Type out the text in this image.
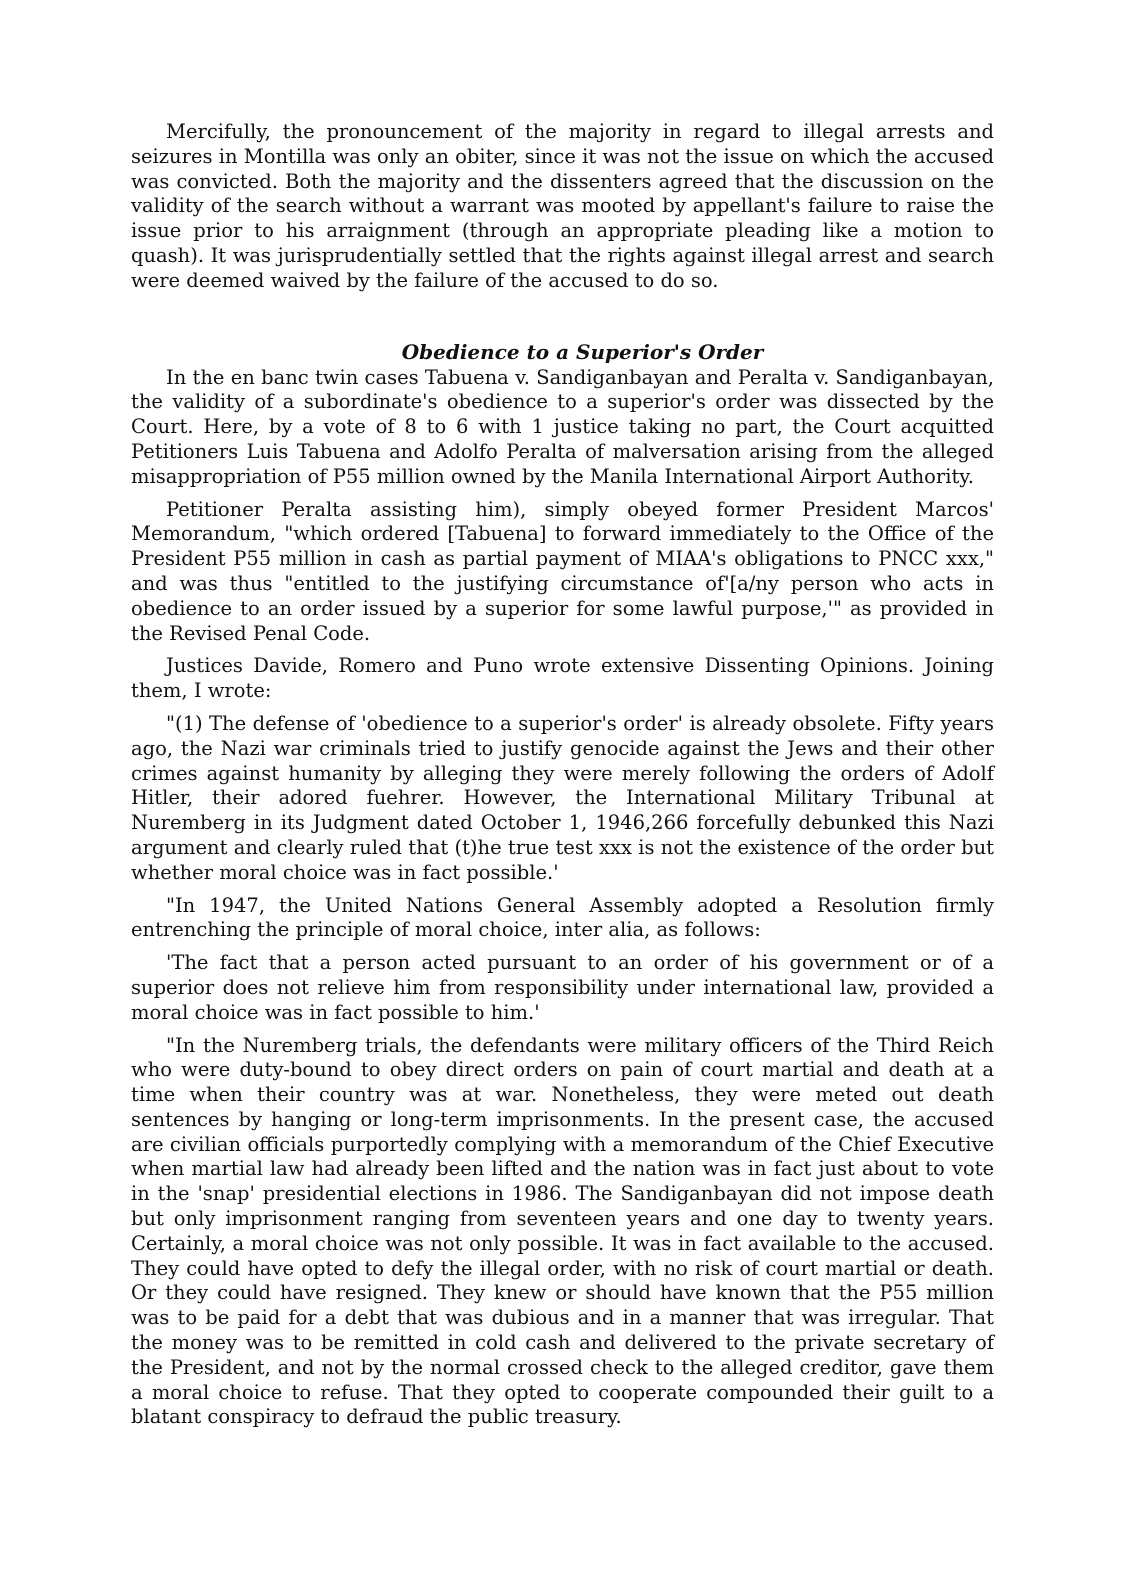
Mercifully, the pronouncement of the majority in regard to illegal arrests and seizures in Montilla was only an obiter, since it was not the issue on which the accused was convicted. Both the majority and the dissenters agreed that the discussion on the validity of the search without a warrant was mooted by appellant's failure to raise the issue prior to his arraignment (through an appropriate pleading like a motion to quash). It was jurisprudentially settled that the rights against illegal arrest and search were deemed waived by the failure of the accused to do so.

Obedience to a Superior's Order

In the en banc twin cases Tabuena v. Sandiganbayan and Peralta v. Sandiganbayan, the validity of a subordinate's obedience to a superior's order was dissected by the Court. Here, by a vote of 8 to 6 with 1 justice taking no part, the Court acquitted Petitioners Luis Tabuena and Adolfo Peralta of malversation arising from the alleged misappropriation of P55 million owned by the Manila International Airport Authority.

Petitioner Peralta assisting him), simply obeyed former President Marcos' Memorandum, "which ordered [Tabuena] to forward immediately to the Office of the President P55 million in cash as partial payment of MIAA's obligations to PNCC xxx," and was thus "entitled to the justifying circumstance of'[a/ny person who acts in obedience to an order issued by a superior for some lawful purpose,'" as provided in the Revised Penal Code.

Justices Davide, Romero and Puno wrote extensive Dissenting Opinions. Joining them, I wrote:

"(1) The defense of 'obedience to a superior's order' is already obsolete. Fifty years ago, the Nazi war criminals tried to justify genocide against the Jews and their other crimes against humanity by alleging they were merely following the orders of Adolf Hitler, their adored fuehrer. However, the International Military Tribunal at Nuremberg in its Judgment dated October 1, 1946,266 forcefully debunked this Nazi argument and clearly ruled that (t)he true test xxx is not the existence of the order but whether moral choice was in fact possible.'

"In 1947, the United Nations General Assembly adopted a Resolution firmly entrenching the principle of moral choice, inter alia, as follows:

'The fact that a person acted pursuant to an order of his government or of a superior does not relieve him from responsibility under international law, provided a moral choice was in fact possible to him.'

"In the Nuremberg trials, the defendants were military officers of the Third Reich who were duty-bound to obey direct orders on pain of court martial and death at a time when their country was at war. Nonetheless, they were meted out death sentences by hanging or long-term imprisonments. In the present case, the accused are civilian officials purportedly complying with a memorandum of the Chief Executive when martial law had already been lifted and the nation was in fact just about to vote in the 'snap' presidential elections in 1986. The Sandiganbayan did not impose death but only imprisonment ranging from seventeen years and one day to twenty years. Certainly, a moral choice was not only possible. It was in fact available to the accused. They could have opted to defy the illegal order, with no risk of court martial or death. Or they could have resigned. They knew or should have known that the P55 million was to be paid for a debt that was dubious and in a manner that was irregular. That the money was to be remitted in cold cash and delivered to the private secretary of the President, and not by the normal crossed check to the alleged creditor, gave them a moral choice to refuse. That they opted to cooperate compounded their guilt to a blatant conspiracy to defraud the public treasury.
